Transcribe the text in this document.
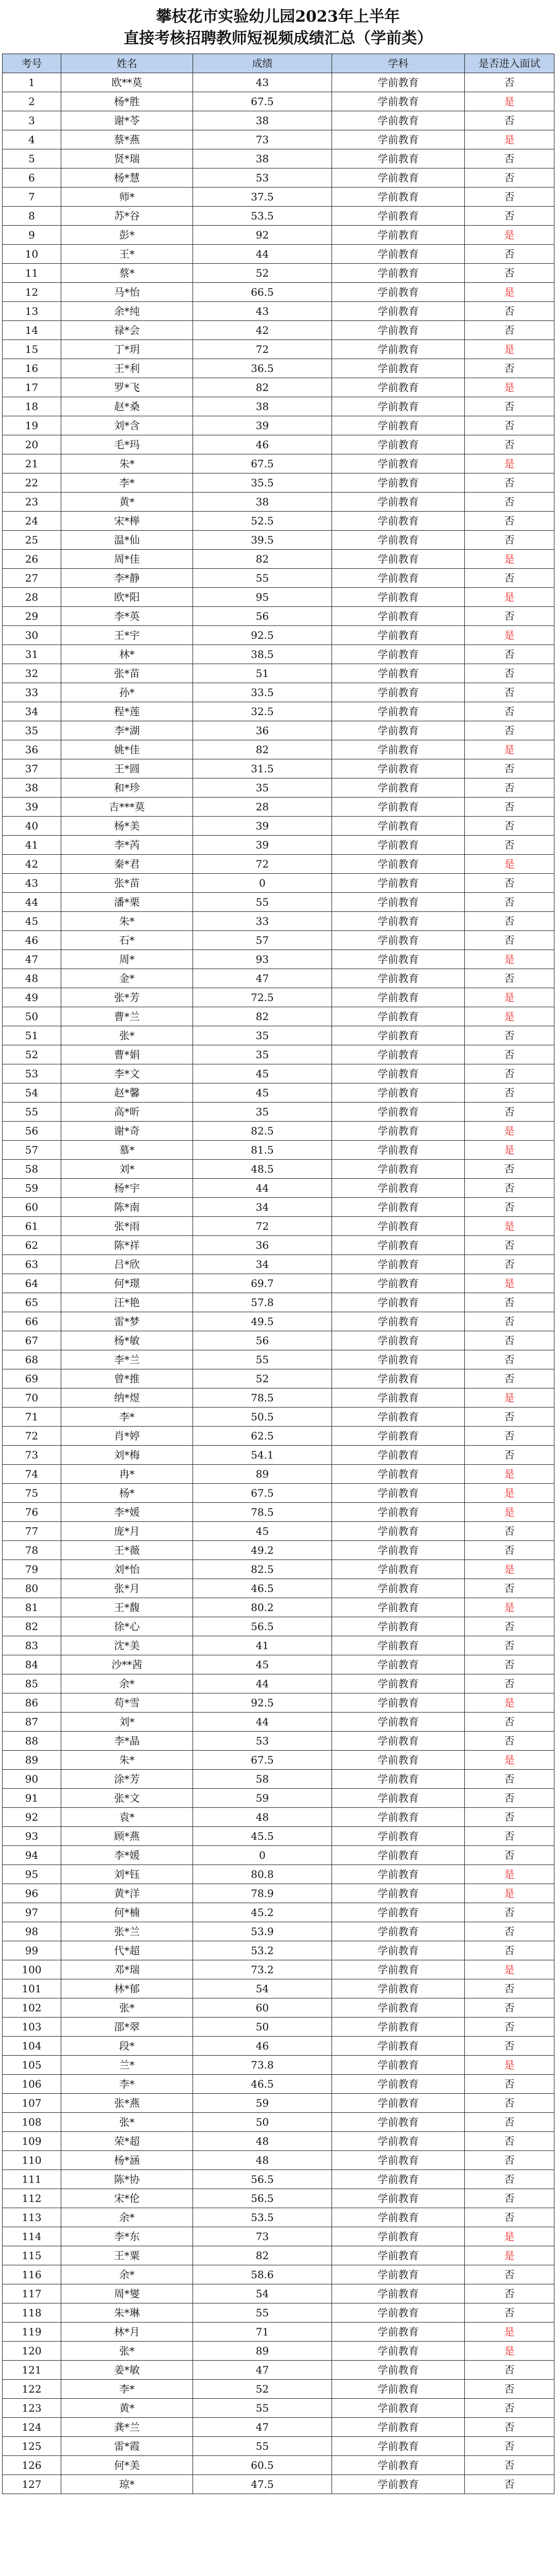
攀枝花市实验幼儿园2023年上半年
直接考核招聘教师短视频成绩汇总（学前类）
考号	姓名	成绩	学科	是否进入面试
1	欧**莫	43	学前教育	否
2	杨*胜	67.5	学前教育	是
3	谢*苓	38	学前教育	否
4	蔡*燕	73	学前教育	是
5	贤*瑞	38	学前教育	否
6	杨*慧	53	学前教育	否
7	师*	37.5	学前教育	否
8	苏*谷	53.5	学前教育	否
9	彭*	92	学前教育	是
10	王*	44	学前教育	否
11	蔡*	52	学前教育	否
12	马*怡	66.5	学前教育	是
13	余*纯	43	学前教育	否
14	禄*会	42	学前教育	否
15	丁*玥	72	学前教育	是
16	王*利	36.5	学前教育	否
17	罗*飞	82	学前教育	是
18	赵*桑	38	学前教育	否
19	刘*含	39	学前教育	否
20	毛*玛	46	学前教育	否
21	朱*	67.5	学前教育	是
22	李*	35.5	学前教育	否
23	黄*	38	学前教育	否
24	宋*榉	52.5	学前教育	否
25	温*仙	39.5	学前教育	否
26	周*佳	82	学前教育	是
27	李*静	55	学前教育	否
28	欧*阳	95	学前教育	是
29	李*英	56	学前教育	否
30	王*宇	92.5	学前教育	是
31	林*	38.5	学前教育	否
32	张*苗	51	学前教育	否
33	孙*	33.5	学前教育	否
34	程*莲	32.5	学前教育	否
35	李*湖	36	学前教育	否
36	姚*佳	82	学前教育	是
37	王*圆	31.5	学前教育	否
38	和*珍	35	学前教育	否
39	吉***莫	28	学前教育	否
40	杨*美	39	学前教育	否
41	李*芮	39	学前教育	否
42	秦*君	72	学前教育	是
43	张*苗	0	学前教育	否
44	潘*栗	55	学前教育	否
45	朱*	33	学前教育	否
46	石*	57	学前教育	否
47	周*	93	学前教育	是
48	金*	47	学前教育	否
49	张*芳	72.5	学前教育	是
50	曹*兰	82	学前教育	是
51	张*	35	学前教育	否
52	曹*娟	35	学前教育	否
53	李*文	45	学前教育	否
54	赵*馨	45	学前教育	否
55	高*昕	35	学前教育	否
56	谢*奇	82.5	学前教育	是
57	慕*	81.5	学前教育	是
58	刘*	48.5	学前教育	否
59	杨*宇	44	学前教育	否
60	陈*南	34	学前教育	否
61	张*雨	72	学前教育	是
62	陈*祥	36	学前教育	否
63	吕*欣	34	学前教育	否
64	何*璟	69.7	学前教育	是
65	汪*艳	57.8	学前教育	否
66	雷*梦	49.5	学前教育	否
67	杨*敏	56	学前教育	否
68	李*兰	55	学前教育	否
69	曾*推	52	学前教育	否
70	纳*煜	78.5	学前教育	是
71	李*	50.5	学前教育	否
72	肖*婷	62.5	学前教育	否
73	刘*梅	54.1	学前教育	否
74	冉*	89	学前教育	是
75	杨*	67.5	学前教育	是
76	李*媛	78.5	学前教育	是
77	庞*月	45	学前教育	否
78	王*薇	49.2	学前教育	否
79	刘*怡	82.5	学前教育	是
80	张*月	46.5	学前教育	否
81	王*馥	80.2	学前教育	是
82	徐*心	56.5	学前教育	否
83	沈*美	41	学前教育	否
84	沙**茜	45	学前教育	否
85	余*	44	学前教育	否
86	苟*雪	92.5	学前教育	是
87	刘*	44	学前教育	否
88	李*晶	53	学前教育	否
89	朱*	67.5	学前教育	是
90	涂*芳	58	学前教育	否
91	张*文	59	学前教育	否
92	袁*	48	学前教育	否
93	顾*燕	45.5	学前教育	否
94	李*媛	0	学前教育	否
95	刘*钰	80.8	学前教育	是
96	黄*洋	78.9	学前教育	是
97	何*楠	45.2	学前教育	否
98	张*兰	53.9	学前教育	否
99	代*超	53.2	学前教育	否
100	邓*瑞	73.2	学前教育	是
101	林*郁	54	学前教育	否
102	张*	60	学前教育	否
103	邵*翠	50	学前教育	否
104	段*	46	学前教育	否
105	兰*	73.8	学前教育	是
106	李*	46.5	学前教育	否
107	张*燕	59	学前教育	否
108	张*	50	学前教育	否
109	荣*超	48	学前教育	否
110	杨*涵	48	学前教育	否
111	陈*协	56.5	学前教育	否
112	宋*伦	56.5	学前教育	否
113	余*	53.5	学前教育	否
114	李*东	73	学前教育	是
115	王*粟	82	学前教育	是
116	余*	58.6	学前教育	否
117	周*燮	54	学前教育	否
118	朱*琳	55	学前教育	否
119	林*月	71	学前教育	是
120	张*	89	学前教育	是
121	姜*敏	47	学前教育	否
122	李*	52	学前教育	否
123	黄*	55	学前教育	否
124	龚*兰	47	学前教育	否
125	雷*霞	55	学前教育	否
126	何*美	60.5	学前教育	否
127	琼*	47.5	学前教育	否
